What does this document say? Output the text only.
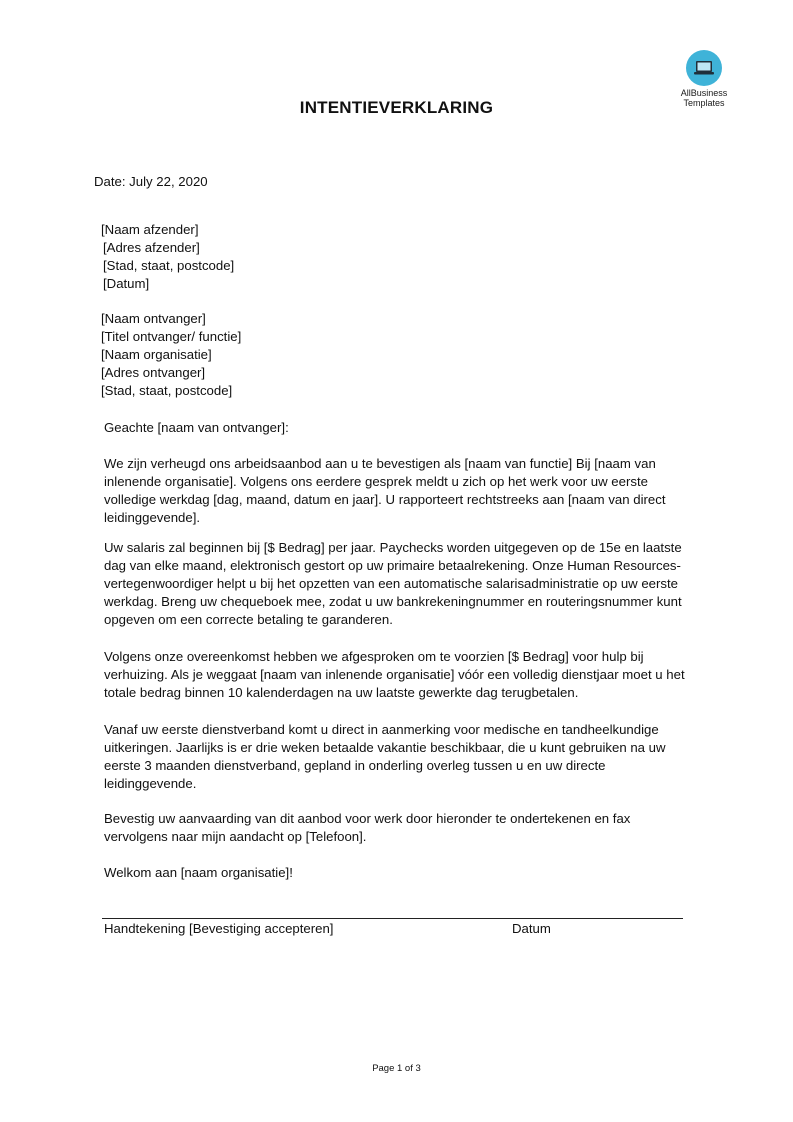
AllBusiness
Templates
INTENTIEVERKLARING
Date: July 22, 2020
[Naam afzender]
[Adres afzender]
[Stad, staat, postcode]
[Datum]
[Naam ontvanger]
[Titel ontvanger/ functie]
[Naam organisatie]
[Adres ontvanger]
[Stad, staat, postcode]
Geachte [naam van ontvanger]:

We zijn verheugd ons arbeidsaanbod aan u te bevestigen als [naam van functie] Bij [naam van inlenende organisatie]. Volgens ons eerdere gesprek meldt u zich op het werk voor uw eerste volledige werkdag [dag, maand, datum en jaar]. U rapporteert rechtstreeks aan [naam van direct leidinggevende].

Uw salaris zal beginnen bij [$ Bedrag] per jaar. Paychecks worden uitgegeven op de 15e en laatste dag van elke maand, elektronisch gestort op uw primaire betaalrekening. Onze Human Resources-vertegenwoordiger helpt u bij het opzetten van een automatische salarisadministratie op uw eerste werkdag. Breng uw chequeboek mee, zodat u uw bankrekeningnummer en routeringsnummer kunt opgeven om een correcte betaling te garanderen.

Volgens onze overeenkomst hebben we afgesproken om te voorzien [$ Bedrag] voor hulp bij verhuizing. Als je weggaat [naam van inlenende organisatie] vóór een volledig dienstjaar moet u het totale bedrag binnen 10 kalenderdagen na uw laatste gewerkte dag terugbetalen.

Vanaf uw eerste dienstverband komt u direct in aanmerking voor medische en tandheelkundige uitkeringen. Jaarlijks is er drie weken betaalde vakantie beschikbaar, die u kunt gebruiken na uw eerste 3 maanden dienstverband, gepland in onderling overleg tussen u en uw directe leidinggevende.

Bevestig uw aanvaarding van dit aanbod voor werk door hieronder te ondertekenen en fax vervolgens naar mijn aandacht op [Telefoon].

Welkom aan [naam organisatie]!
Handtekening [Bevestiging accepteren]	Datum
Page 1 of 3
